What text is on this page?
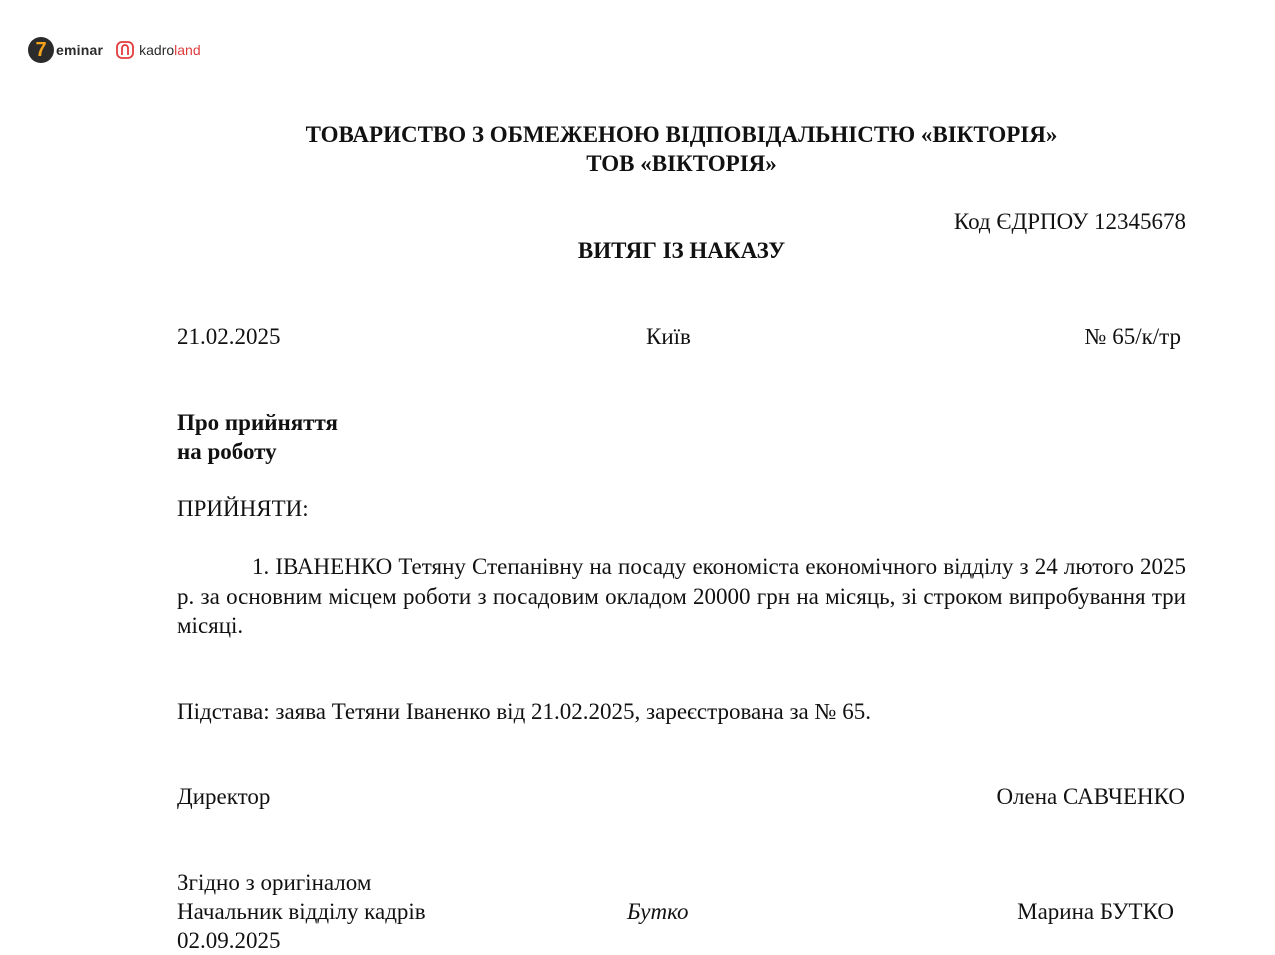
7 eminar	kadroland
ТОВАРИСТВО З ОБМЕЖЕНОЮ ВІДПОВІДАЛЬНІСТЮ «ВІКТОРІЯ»
ТОВ «ВІКТОРІЯ»
Код ЄДРПОУ 12345678
ВИТЯГ ІЗ НАКАЗУ
21.02.2025	Київ	№ 65/к/тр
Про прийняття
на роботу
ПРИЙНЯТИ:
1. ІВАНЕНКО Тетяну Степанівну на посаду економіста економічного відділу з 24 лютого 2025 р. за основним місцем роботи з посадовим окладом 20000 грн на місяць, зі строком випробування три місяці.
Підстава: заява Тетяни Іваненко від 21.02.2025, зареєстрована за № 65.
Директор	Олена САВЧЕНКО
Згідно з оригіналом
Начальник відділу кадрів	Бутко	Марина БУТКО
02.09.2025
